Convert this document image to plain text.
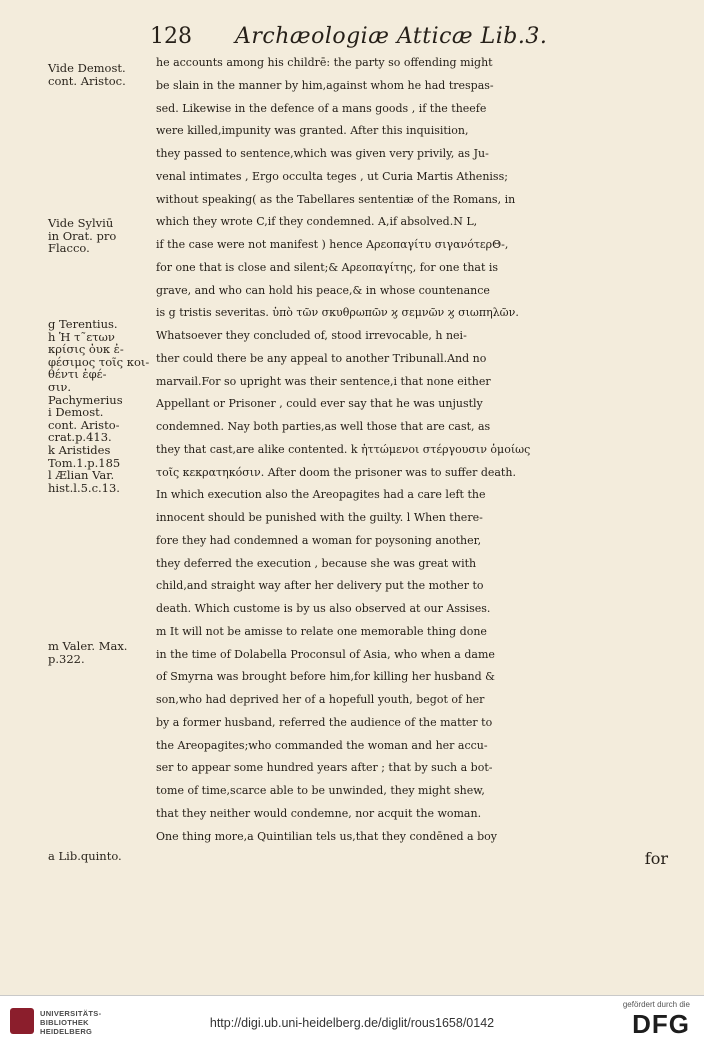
128 Archæologiæ Atticæ Lib.3.
he accounts among his childrē: the party so offending might
be slain in the manner by him,against whom he had trespas-
sed. Likewise in the defence of a mans goods , if the theefe
were killed,impunity was granted. After this inquisition,
they passed to sentence,which was given very privily, as Ju-
venal intimates , Ergo occulta teges , ut Curia Martis Atheniss;
without speaking( as the Tabellares sententiæ of the Romans, in
which they wrote C,if they condemned. A,if absolved.N L,
if the case were not manifest ) hence Αρεοπαγίτυ σιγανότερΘ-,
for one that is close and silent;& Αρεοπαγίτης, for one that is
grave, and who can hold his peace,& in whose countenance
is g tristis severitas. ὑπὸ τῶν σκυθρωπῶν ϗ σεμνῶν ϗ σιωπηλῶν.
Whatsoever they concluded of, stood irrevocable, h nei-
ther could there be any appeal to another Tribunall.And no
marvail.For so upright was their sentence,i that none either
Appellant or Prisoner , could ever say that he was unjustly
condemned. Nay both parties,as well those that are cast, as
they that cast,are alike contented. k ἡττώμενοι στέργουσιν ὁμοίως
τοῖς κεκρατηκόσιν. After doom the prisoner was to suffer death.
In which execution also the Areopagites had a care left the
innocent should be punished with the guilty. l When there-
fore they had condemned a woman for poysoning another,
they deferred the execution , because she was great with
child,and straight way after her delivery put the mother to
death. Which custome is by us also observed at our Assises.
m It will not be amisse to relate one memorable thing done
in the time of Dolabella Proconsul of Asia, who when a dame
of Smyrna was brought before him,for killing her husband &
son,who had deprived her of a hopefull youth, begot of her
by a former husband, referred the audience of the matter to
the Areopagites;who commanded the woman and her accu-
ser to appear some hundred years after ; that by such a bot-
tome of time,scarce able to be unwinded, they might shew,
that they neither would condemne, nor acquit the woman.
One thing more,a Quintilian tels us,that they condēned a boy
for
Vide Demost.
cont. Aristoc.
Vide Sylviū
in Orat. pro
Flacco.
g Terentius.
h Ἡ τ῀ετων
κρίσις ὀυκ ἐ-
φέσιμος τοῖς κοι-
θέντι ἐφέ-
σιν.
Pachymerius
i Demost.
cont. Aristo-
crat.p.413.
k Aristides
Tom.1.p.185
l Ælian Var.
hist.l.5.c.13.
m Valer. Max.
p.322.
a Lib.quinto.
UNIVERSITÄTS-
BIBLIOTHEK
HEIDELBERG
http://digi.ub.uni-heidelberg.de/diglit/rous1658/0142
gefördert durch die
DFG
